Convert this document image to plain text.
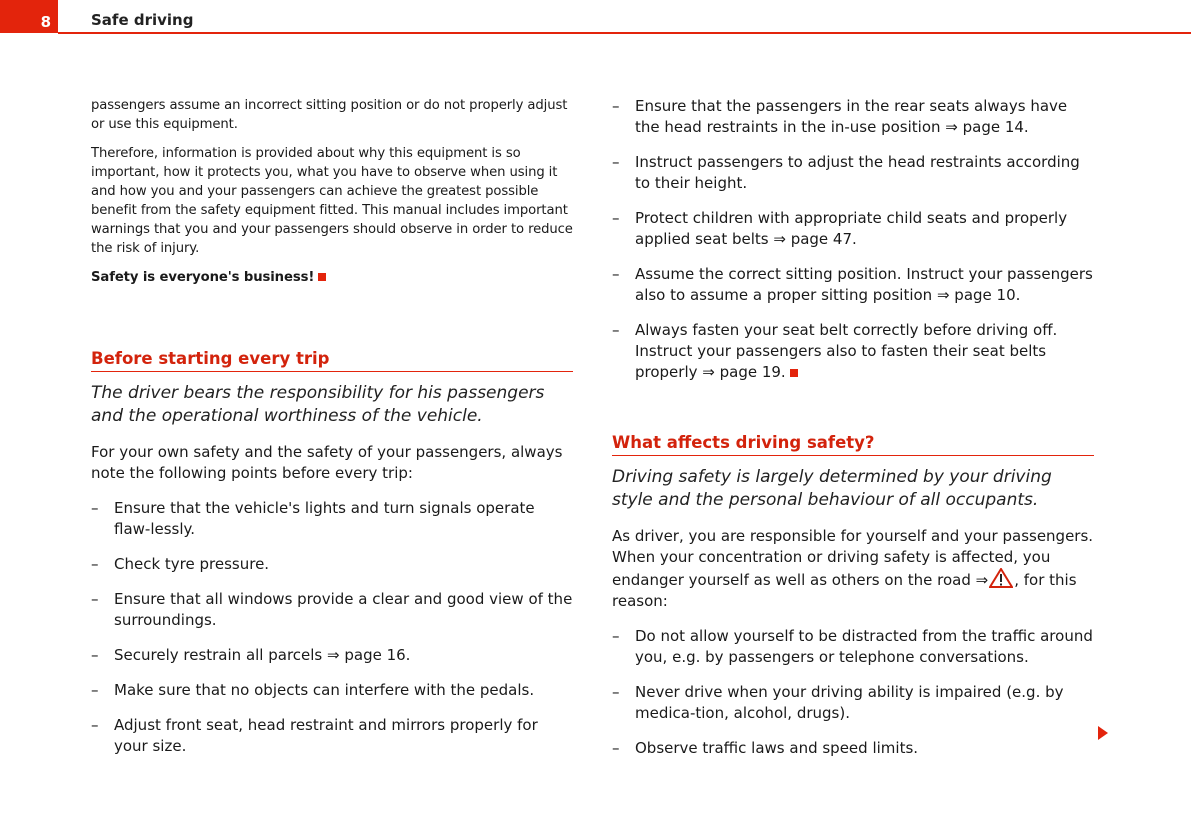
8	Safe driving

passengers assume an incorrect sitting position or do not properly adjust or use this equipment.

Therefore, information is provided about why this equipment is so important, how it protects you, what you have to observe when using it and how you and your passengers can achieve the greatest possible benefit from the safety equipment fitted. This manual includes important warnings that you and your passengers should observe in order to reduce the risk of injury.

Safety is everyone's business!

Before starting every trip

The driver bears the responsibility for his passengers and the operational worthiness of the vehicle.

For your own safety and the safety of your passengers, always note the following points before every trip:

– Ensure that the vehicle's lights and turn signals operate flaw-lessly.
– Check tyre pressure.
– Ensure that all windows provide a clear and good view of the surroundings.
– Securely restrain all parcels ⇒ page 16.
– Make sure that no objects can interfere with the pedals.
– Adjust front seat, head restraint and mirrors properly for your size.
– Ensure that the passengers in the rear seats always have the head restraints in the in-use position ⇒ page 14.
– Instruct passengers to adjust the head restraints according to their height.
– Protect children with appropriate child seats and properly applied seat belts ⇒ page 47.
– Assume the correct sitting position. Instruct your passengers also to assume a proper sitting position ⇒ page 10.
– Always fasten your seat belt correctly before driving off. Instruct your passengers also to fasten their seat belts properly ⇒ page 19.
What affects driving safety?

Driving safety is largely determined by your driving style and the personal behaviour of all occupants.

As driver, you are responsible for yourself and your passengers. When your concentration or driving safety is affected, you endanger yourself as well as others on the road ⇒ , for this reason:

– Do not allow yourself to be distracted from the traffic around you, e.g. by passengers or telephone conversations.
– Never drive when your driving ability is impaired (e.g. by medica-tion, alcohol, drugs).
– Observe traffic laws and speed limits.
